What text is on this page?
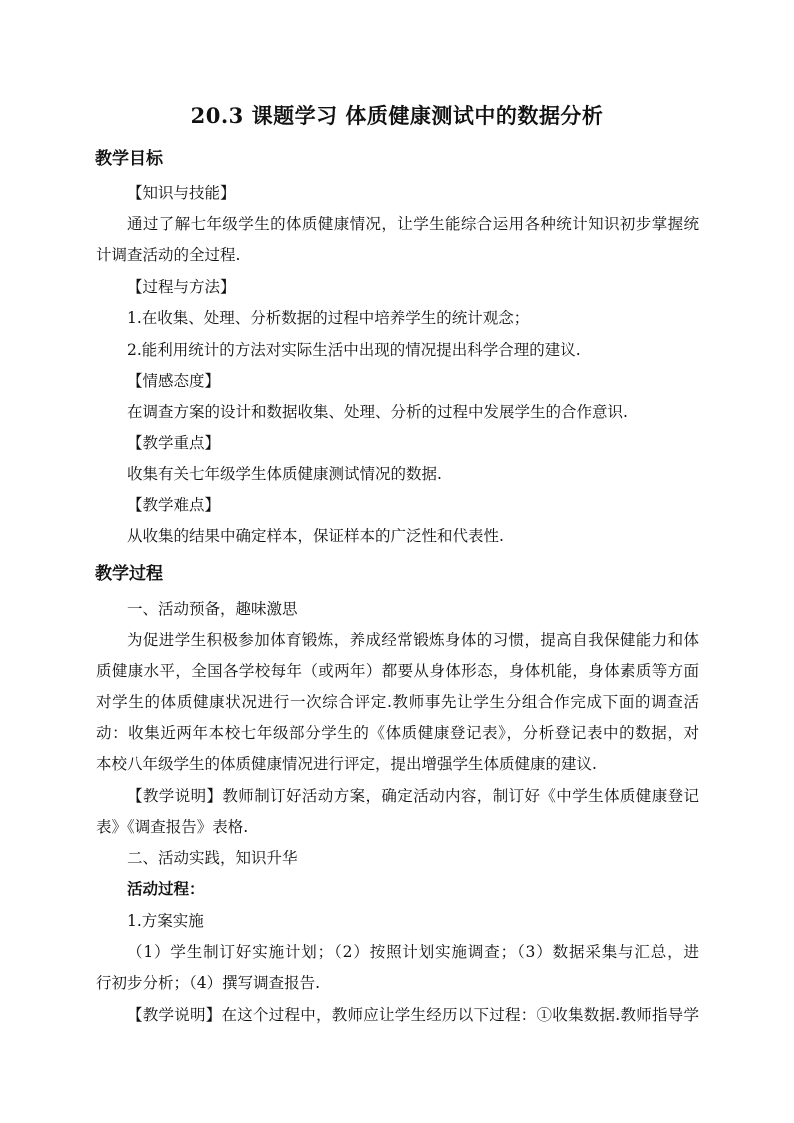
20.3 课题学习 体质健康测试中的数据分析
教学目标

【知识与技能】

通过了解七年级学生的体质健康情况，让学生能综合运用各种统计知识初步掌握统

计调查活动的全过程.

【过程与方法】

1.在收集、处理、分析数据的过程中培养学生的统计观念；

2.能利用统计的方法对实际生活中出现的情况提出科学合理的建议.

【情感态度】

在调查方案的设计和数据收集、处理、分析的过程中发展学生的合作意识.

【教学重点】

收集有关七年级学生体质健康测试情况的数据.

【教学难点】

从收集的结果中确定样本，保证样本的广泛性和代表性.

教学过程

一、活动预备，趣味激思

为促进学生积极参加体育锻炼，养成经常锻炼身体的习惯，提高自我保健能力和体

质健康水平，全国各学校每年（或两年）都要从身体形态，身体机能，身体素质等方面

对学生的体质健康状况进行一次综合评定.教师事先让学生分组合作完成下面的调查活

动：收集近两年本校七年级部分学生的《体质健康登记表》，分析登记表中的数据，对

本校八年级学生的体质健康情况进行评定，提出增强学生体质健康的建议.

【教学说明】教师制订好活动方案，确定活动内容，制订好《中学生体质健康登记

表》《调查报告》表格.

二、活动实践，知识升华

活动过程：

1.方案实施

（1）学生制订好实施计划；（2）按照计划实施调查；（3）数据采集与汇总，进

行初步分析；（4）撰写调查报告.

【教学说明】在这个过程中，教师应让学生经历以下过程：①收集数据.教师指导学
